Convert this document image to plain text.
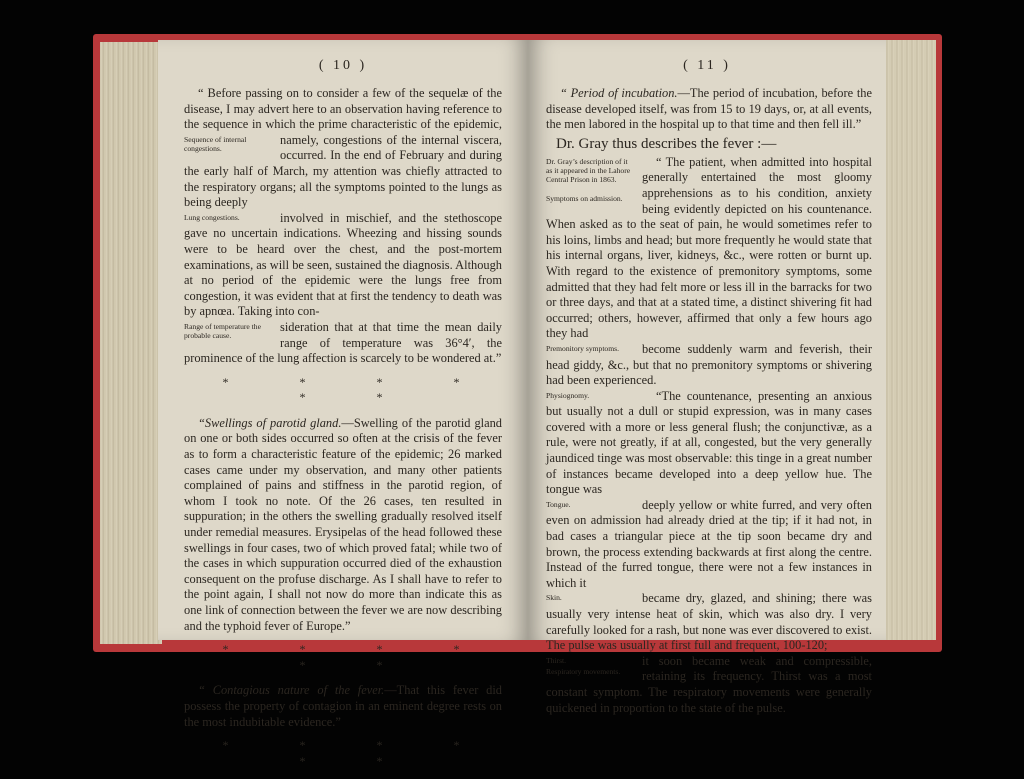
( 10 )

“ Before passing on to consider a few of the sequelæ of the disease, I may advert here to an observation having reference to the sequence in which the prime characteristic of the epidemic, namely,
Sequence of internal congestions.
congestions of the internal viscera, occurred. In the end of February and during the early half of March, my attention was chiefly attracted to the respiratory organs; all the symptoms pointed to the lungs as being deeply

Lung congestions.	involved in mischief, and the stethoscope gave no uncertain indications. Wheezing and hissing sounds were to be heard over the chest, and the post-mortem examinations, as will be seen, sustained the diagnosis. Although at no period of the epidemic were the lungs free from congestion, it was evident that at first the tendency to death was by apnœa. Taking into con-

Range of temperature the probable cause.
sideration that at that time the mean daily range of temperature was 36°4′, the prominence of the lung affection is scarcely to be wondered at.”

* * * * * *

“Swellings of parotid gland.—Swelling of the parotid gland on one or both sides occurred so often at the crisis of the fever as to form a characteristic feature of the epidemic; 26 marked cases came under my observation, and many other patients complained of pains and stiffness in the parotid region, of whom I took no note. Of the 26 cases, ten resulted in suppuration; in the others the swelling gradually resolved itself under remedial measures. Erysipelas of the head followed these swellings in four cases, two of which proved fatal; while two of the cases in which suppuration occurred died of the exhaustion consequent on the profuse discharge. As I shall have to refer to the point again, I shall not now do more than indicate this as one link of connection between the fever we are now describing and the typhoid fever of Europe.”

* * * * * *

“ Contagious nature of the fever.—That this fever did possess the property of contagion in an eminent degree rests on the most indubitable evidence.”

* * * * * *
( 11 )

“ Period of incubation.—The period of incubation, before the disease developed itself, was from 15 to 19 days, or, at all events, the men labored in the hospital up to that time and then fell ill.”

Dr. Gray thus describes the fever :—

Dr. Gray’s description of it as it appeared in the Lahore Central Prison in 1863.
Symptoms on admission.
“ The patient, when admitted into hospital generally entertained the most gloomy apprehensions as to his condition, anxiety being evidently depicted on his countenance. When asked as to the seat of pain, he would sometimes refer to his loins, limbs and head; but more frequently he would state that his internal organs, liver, kidneys, &c., were rotten or burnt up. With regard to the existence of premonitory symptoms, some admitted that they had felt more or less ill in the barracks for two or three days, and that at a stated time, a distinct shivering fit had occurred; others, however, affirmed that only a few hours ago they had

Premonitory symptoms.	become suddenly warm and feverish, their head giddy, &c., but that no premonitory symptoms or shivering had been experienced.

Physiognomy.	“The countenance, presenting an anxious but usually not a dull or stupid expression, was in many cases covered with a more or less general flush; the conjunctivæ, as a rule, were not greatly, if at all, congested, but the very generally jaundiced tinge was most observable: this tinge in a great number of instances became developed into a deep yellow hue. The tongue was

Tongue.	deeply yellow or white furred, and very often even on admission had already dried at the tip; if it had not, in bad cases a triangular piece at the tip soon became dry and brown, the process extending backwards at first along the centre. Instead of the furred tongue, there were not a few instances in which it

Skin.	became dry, glazed, and shining; there was usually very intense heat of skin, which was also dry. I very carefully looked for a rash, but none was ever discovered to exist. The pulse was usually at first full and frequent, 100-120;

Thirst.
Respiratory movements.
it soon became weak and compressible, retaining its frequency. Thirst was a most constant symptom. The respiratory movements were generally quickened in proportion to the state of the pulse.
